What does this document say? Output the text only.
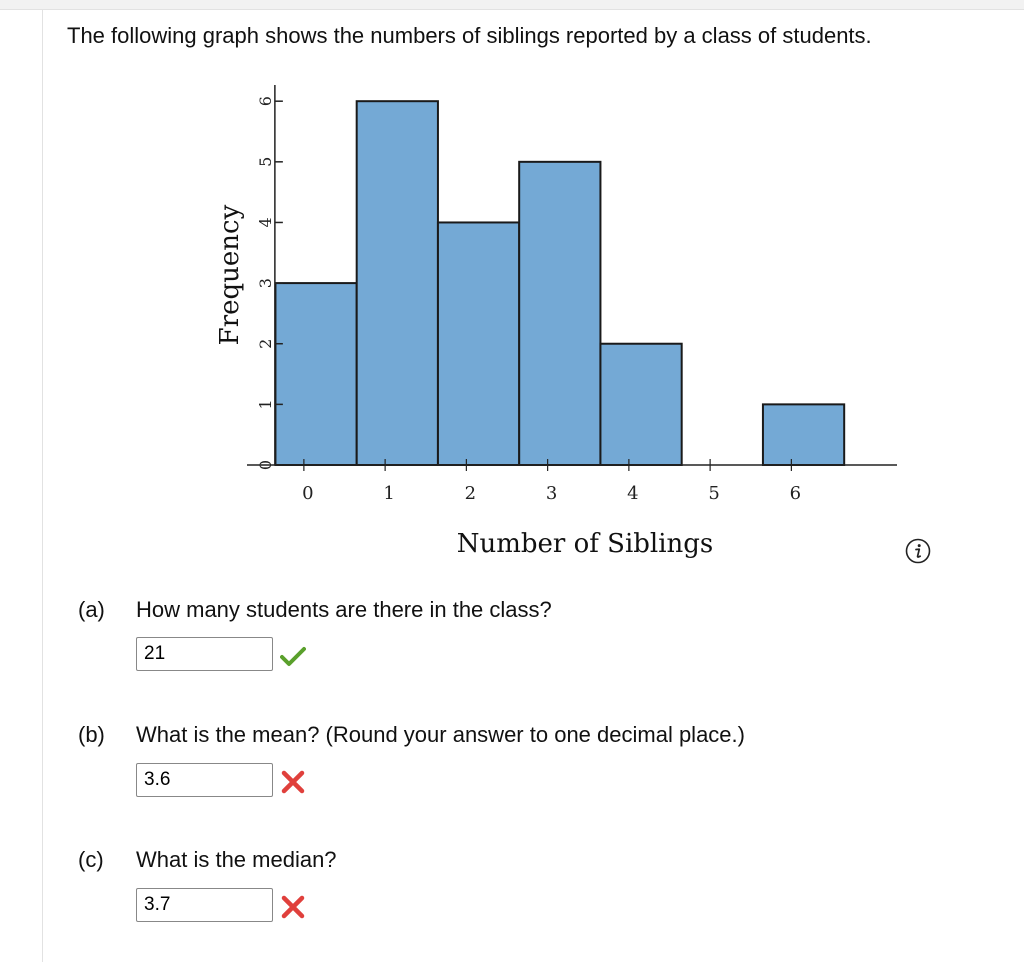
The following graph shows the numbers of siblings reported by a class of students.
0
1
2
3
4
5
6
0	1	2	3	4	5	6
Number of Siblings
Frequency
(a) How many students are there in the class?
21
(b) What is the mean? (Round your answer to one decimal place.)
3.6
(c) What is the median?
3.7
